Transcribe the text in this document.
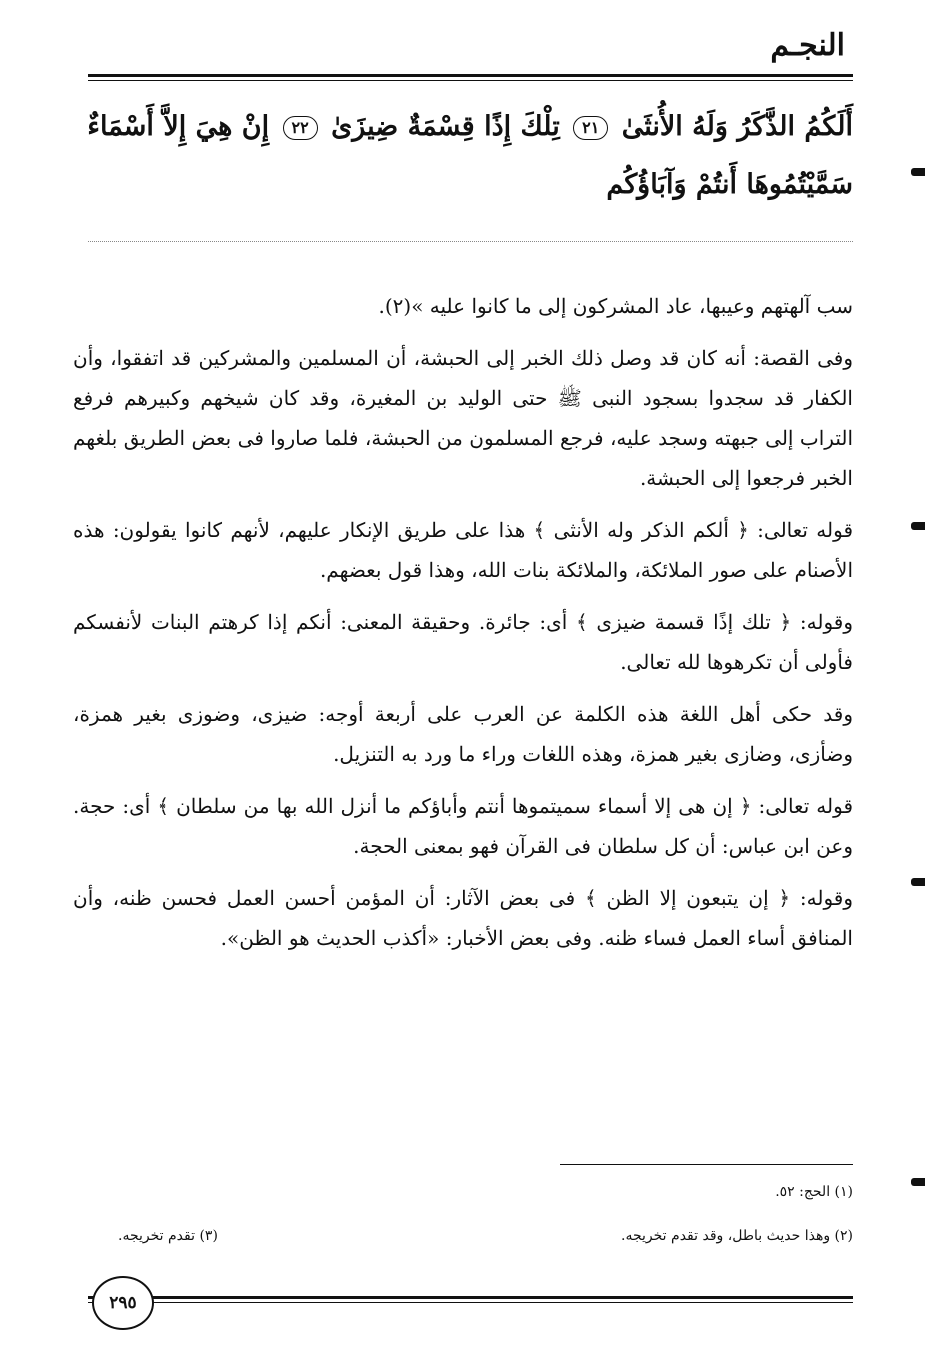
النجـم
أَلَكُمُ الذَّكَرُ وَلَهُ الأُنثَىٰ ٢١ تِلْكَ إِذًا قِسْمَةٌ ضِيزَىٰ ٢٢ إِنْ هِيَ إِلاَّ أَسْمَاءٌ سَمَّيْتُمُوهَا أَنتُمْ وَآبَاؤُكُم

سب آلهتهم وعيبها، عاد المشركون إلى ما كانوا عليه »(٢).

وفى القصة: أنه كان قد وصل ذلك الخبر إلى الحبشة، أن المسلمين والمشركين قد اتفقوا، وأن الكفار قد سجدوا بسجود النبى ﷺ حتى الوليد بن المغيرة، وقد كان شيخهم وكبيرهم فرفع التراب إلى جبهته وسجد عليه، فرجع المسلمون من الحبشة، فلما صاروا فى بعض الطريق بلغهم الخبر فرجعوا إلى الحبشة.

قوله تعالى: ﴿ ألكم الذكر وله الأنثى ﴾ هذا على طريق الإنكار عليهم، لأنهم كانوا يقولون: هذه الأصنام على صور الملائكة، والملائكة بنات الله، وهذا قول بعضهم.

وقوله: ﴿ تلك إذًا قسمة ضيزى ﴾ أى: جائرة. وحقيقة المعنى: أنكم إذا كرهتم البنات لأنفسكم فأولى أن تكرهوها لله تعالى.

وقد حكى أهل اللغة هذه الكلمة عن العرب على أربعة أوجه: ضيزى، وضوزى بغير همزة، وضأزى، وضازى بغير همزة، وهذه اللغات وراء ما ورد به التنزيل.

قوله تعالى: ﴿ إن هى إلا أسماء سميتموها أنتم وأباؤكم ما أنزل الله بها من سلطان ﴾ أى: حجة. وعن ابن عباس: أن كل سلطان فى القرآن فهو بمعنى الحجة.

وقوله: ﴿ إن يتبعون إلا الظن ﴾ فى بعض الآثار: أن المؤمن أحسن العمل فحسن ظنه، وأن المنافق أساء العمل فساء ظنه. وفى بعض الأخبار: «أكذب الحديث هو الظن».

(١) الحج: ٥٢.
(٢) وهذا حديث باطل، وقد تقدم تخريجه.
(٣) تقدم تخريجه.
٢٩٥
